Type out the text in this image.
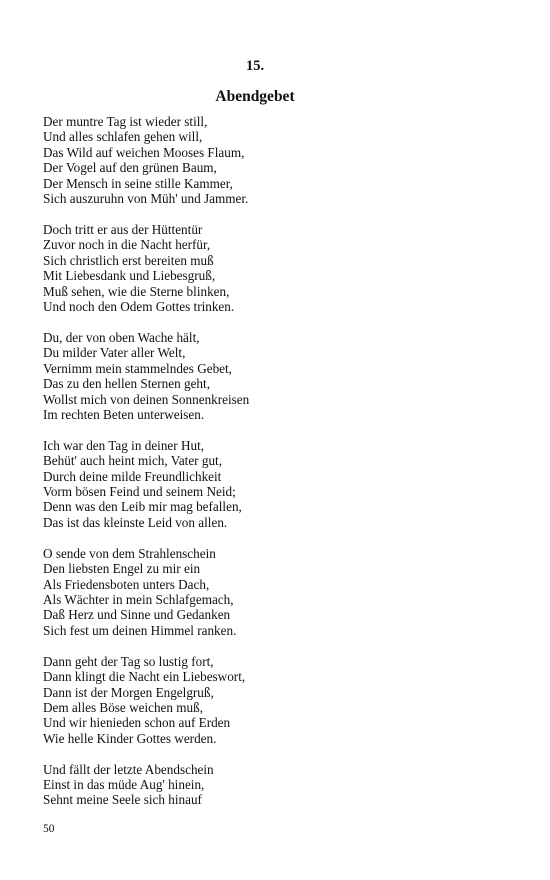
15.
Abendgebet
Der muntre Tag ist wieder still,
Und alles schlafen gehen will,
Das Wild auf weichen Mooses Flaum,
Der Vogel auf den grünen Baum,
Der Mensch in seine stille Kammer,
Sich auszuruhn von Müh' und Jammer.
Doch tritt er aus der Hüttentür
Zuvor noch in die Nacht herfür,
Sich christlich erst bereiten muß
Mit Liebesdank und Liebesgruß,
Muß sehen, wie die Sterne blinken,
Und noch den Odem Gottes trinken.
Du, der von oben Wache hält,
Du milder Vater aller Welt,
Vernimm mein stammelndes Gebet,
Das zu den hellen Sternen geht,
Wollst mich von deinen Sonnenkreisen
Im rechten Beten unterweisen.
Ich war den Tag in deiner Hut,
Behüt' auch heint mich, Vater gut,
Durch deine milde Freundlichkeit
Vorm bösen Feind und seinem Neid;
Denn was den Leib mir mag befallen,
Das ist das kleinste Leid von allen.
O sende von dem Strahlenschein
Den liebsten Engel zu mir ein
Als Friedensboten unters Dach,
Als Wächter in mein Schlafgemach,
Daß Herz und Sinne und Gedanken
Sich fest um deinen Himmel ranken.
Dann geht der Tag so lustig fort,
Dann klingt die Nacht ein Liebeswort,
Dann ist der Morgen Engelgruß,
Dem alles Böse weichen muß,
Und wir hienieden schon auf Erden
Wie helle Kinder Gottes werden.
Und fällt der letzte Abendschein
Einst in das müde Aug' hinein,
Sehnt meine Seele sich hinauf

50
